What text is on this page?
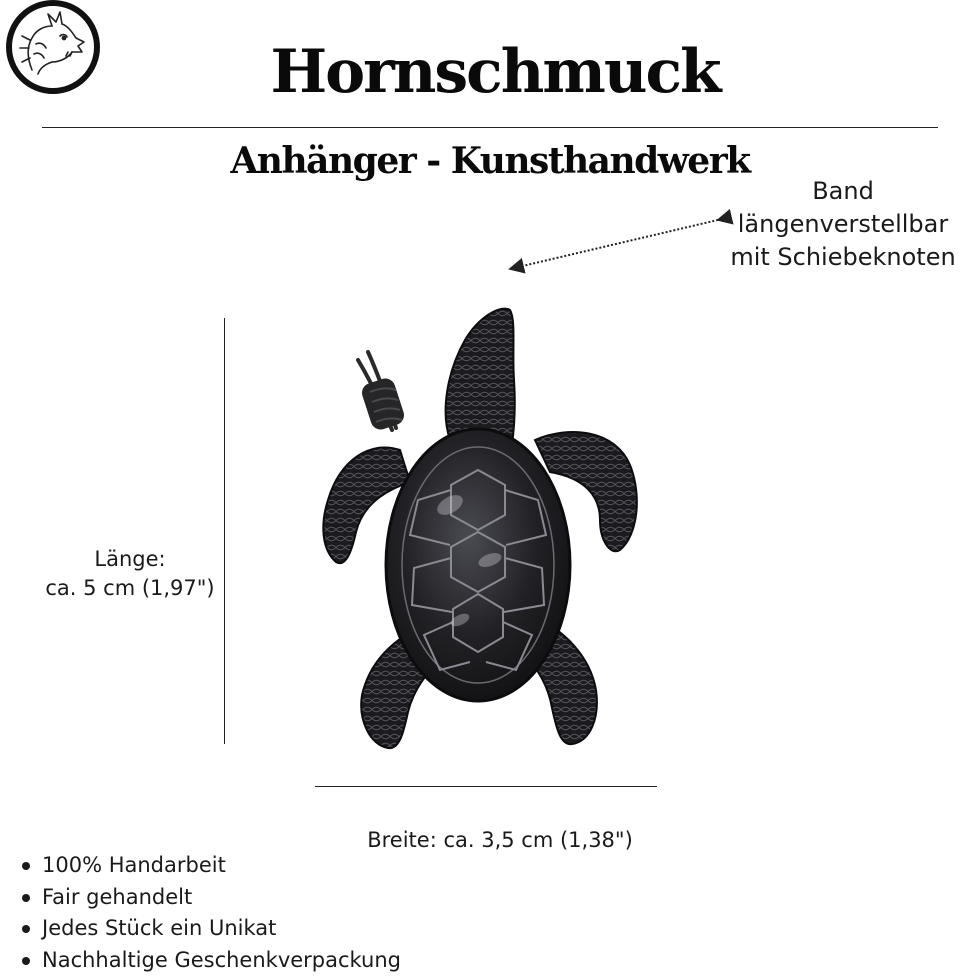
Hornschmuck
Anhänger - Kunsthandwerk
Band
längenverstellbar
mit Schiebeknoten
Länge:
ca. 5 cm (1,97")
Breite: ca. 3,5 cm (1,38")
100% Handarbeit
Fair gehandelt
Jedes Stück ein Unikat
Nachhaltige Geschenkverpackung
